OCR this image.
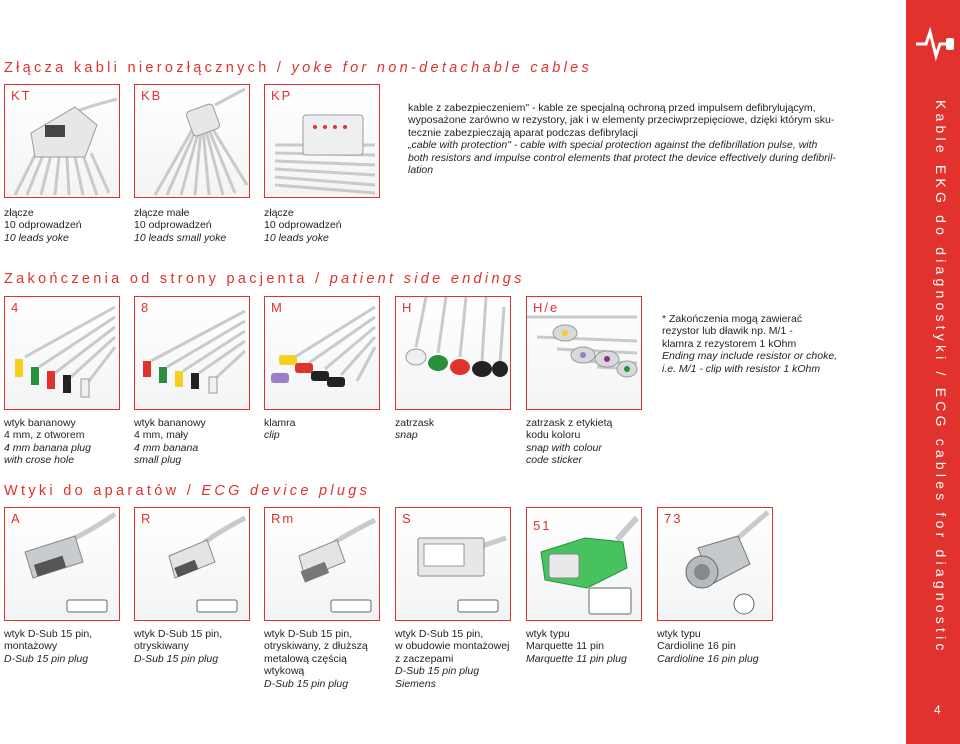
Złącza kabli nierozłącznych / yoke for non-detachable cables
Zakończenia od strony pacjenta / patient side endings
Wtyki do aparatów / ECG device plugs
KT	KB	KP
złącze
10 odprowadzeń
10 leads yoke
złącze małe
10 odprowadzeń
10 leads small yoke
złącze
10 odprowadzeń
10 leads yoke
kable z zabezpieczeniem" - kable ze specjalną ochroną przed impulsem defibrylującym,
wyposażone zarówno w rezystory, jak i w elementy przeciwprzepięciowe, dzięki którym sku-
tecznie zabezpieczają aparat podczas defibrylacji
„cable with protection" - cable with special protection against the defibrillation pulse, with
both resistors and impulse control elements that protect the device effectively during defibril-
lation
4	8	M	H	H/e
* Zakończenia mogą zawierać
rezystor lub dławik np. M/1 -
klamra z rezystorem 1 kOhm
Ending may include resistor or choke,
i.e. M/1 - clip with resistor 1 kOhm
wtyk bananowy
4 mm, z otworem
4 mm banana plug
with crose hole
wtyk bananowy
4 mm, mały
4 mm banana
small plug
klamra
clip
zatrzask
snap
zatrzask z etykietą
kodu koloru
snap with colour
code sticker
A	R	Rm	S	51	73
wtyk D-Sub 15 pin,
montażowy
D-Sub 15 pin plug
wtyk D-Sub 15 pin,
otryskiwany
D-Sub 15 pin plug
wtyk D-Sub 15 pin,
otryskiwany, z dłuższą
metalową częścią
wtykową
D-Sub 15 pin plug
wtyk D-Sub 15 pin,
w obudowie montażowej
z zaczepami
D-Sub 15 pin plug
Siemens
wtyk typu
Marquette 11 pin
Marquette 11 pin plug
wtyk typu
Cardioline 16 pin
Cardioline 16 pin plug
Kable EKG do diagnostyki / ECG cables for diagnostic
4
